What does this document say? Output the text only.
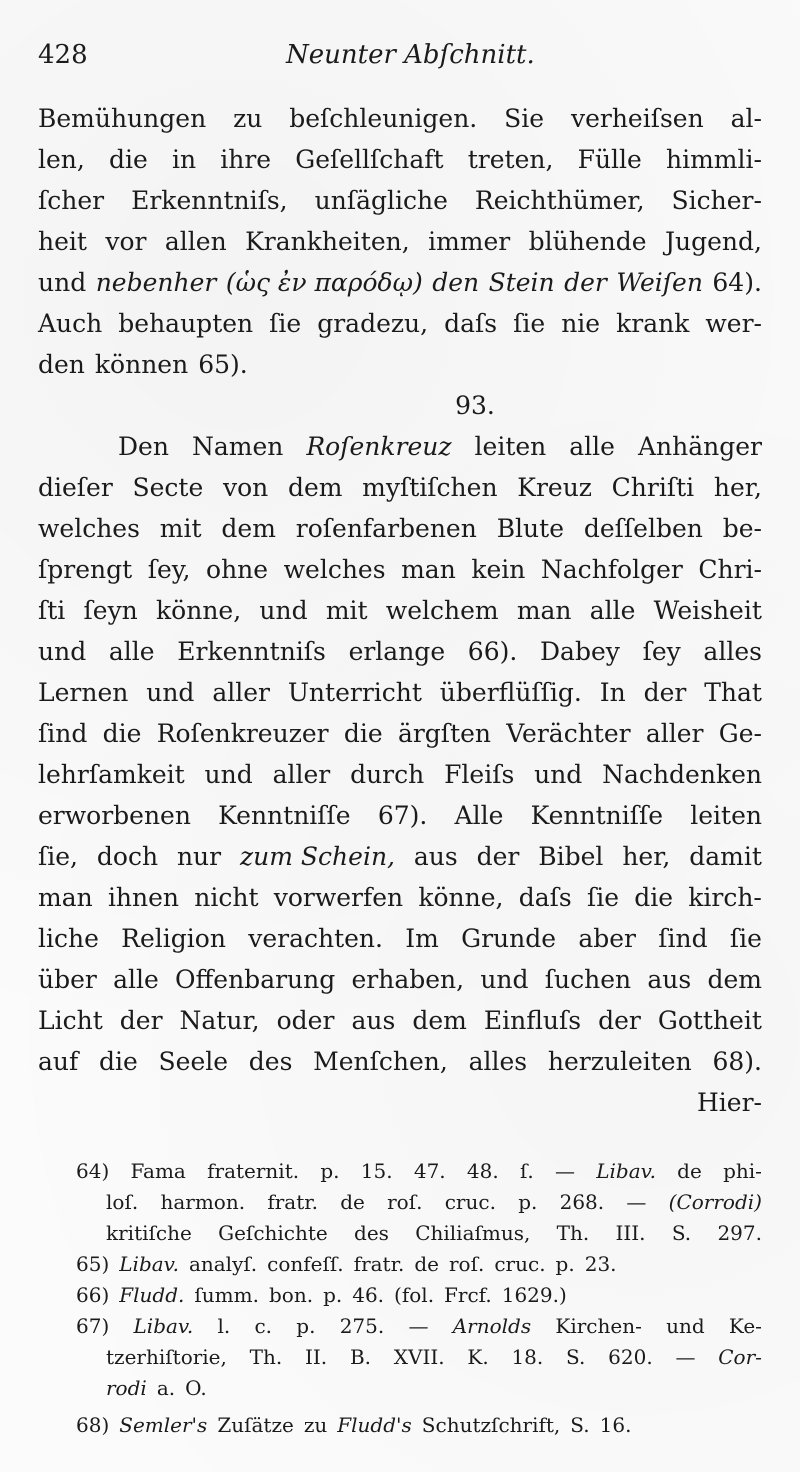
428	Neunter Abſchnitt.
Bemühungen zu beſchleunigen. Sie verheiſsen al-
len, die in ihre Geſellſchaft treten, Fülle himmli-
ſcher Erkenntniſs, unſägliche Reichthümer, Sicher-
heit vor allen Krankheiten, immer blühende Jugend,
und nebenher (ὡς ἐν παρόδῳ) den Stein der Weiſen 64).
Auch behaupten ſie gradezu, daſs ſie nie krank wer-
den können 65).
93.
Den Namen Roſenkreuz leiten alle Anhänger
dieſer Secte von dem myſtiſchen Kreuz Chriſti her,
welches mit dem roſenfarbenen Blute deſſelben be-
ſprengt ſey, ohne welches man kein Nachfolger Chri-
ſti ſeyn könne, und mit welchem man alle Weisheit
und alle Erkenntniſs erlange 66). Dabey ſey alles
Lernen und aller Unterricht überflüſſig. In der That
ſind die Roſenkreuzer die ärgſten Verächter aller Ge-
lehrſamkeit und aller durch Fleiſs und Nachdenken
erworbenen Kenntniſſe 67). Alle Kenntniſſe leiten
ſie, doch nur zum Schein, aus der Bibel her, damit
man ihnen nicht vorwerfen könne, daſs ſie die kirch-
liche Religion verachten. Im Grunde aber ſind ſie
über alle Offenbarung erhaben, und ſuchen aus dem
Licht der Natur, oder aus dem Einfluſs der Gottheit
auf die Seele des Menſchen, alles herzuleiten 68).
Hier-
64) Fama fraternit. p. 15. 47. 48. ſ. — Libav. de phi-
loſ. harmon. fratr. de roſ. cruc. p. 268. — (Corrodi)
kritiſche Geſchichte des Chiliaſmus, Th. III. S. 297.
65) Libav. analyſ. confeſſ. fratr. de roſ. cruc. p. 23.
66) Fludd. ſumm. bon. p. 46. (fol. Frcf. 1629.)
67) Libav. l. c. p. 275. — Arnolds Kirchen- und Ke-
tzerhiſtorie, Th. II. B. XVII. K. 18. S. 620. — Cor-
rodi a. O.
68) Semler's Zuſätze zu Fludd's Schutzſchrift, S. 16.
